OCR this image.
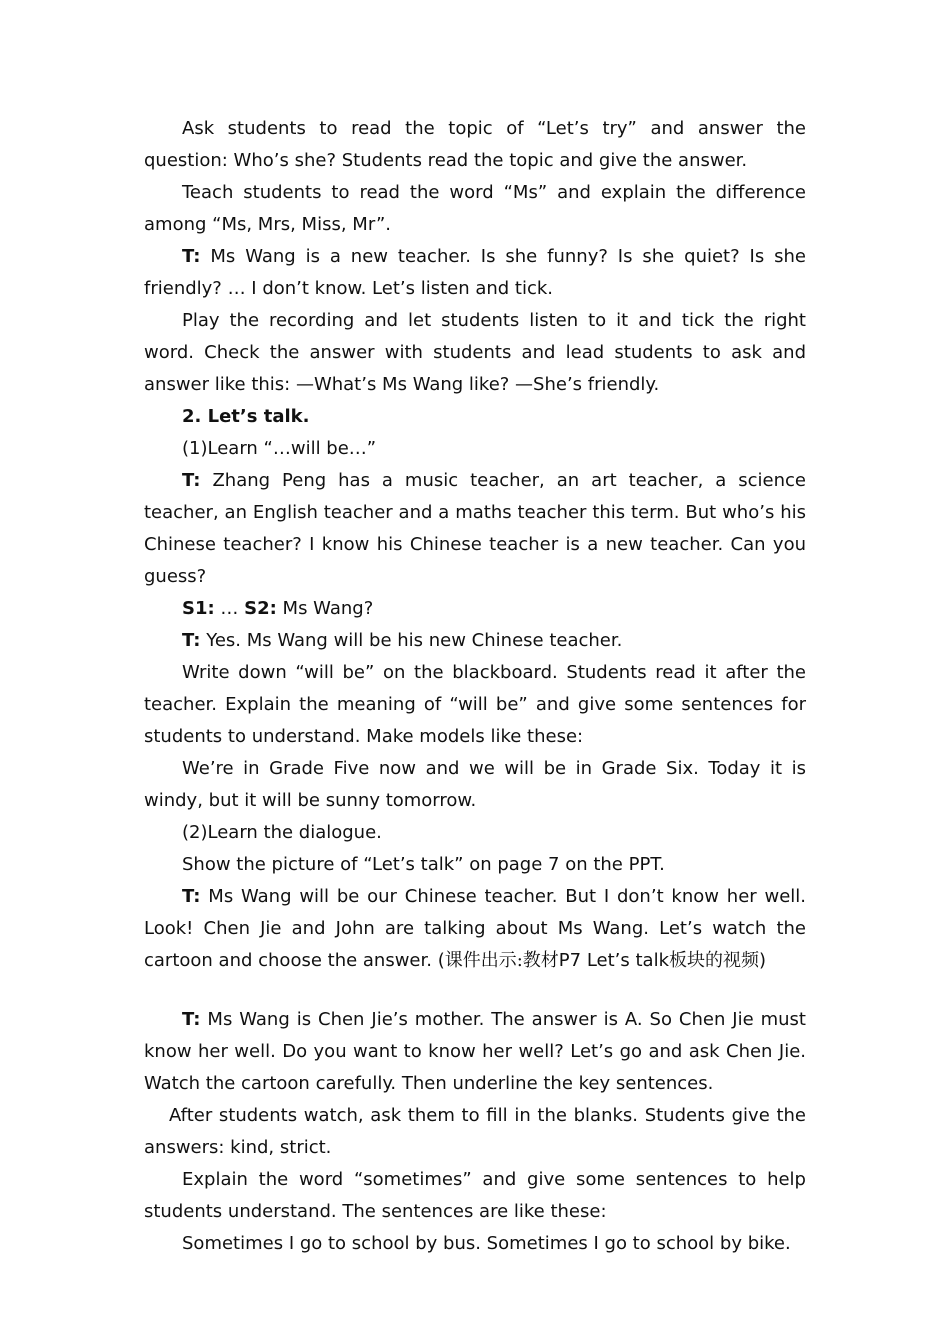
Ask students to read the topic of “Let’s try” and answer the question: Who’s she? Students read the topic and give the answer.

Teach students to read the word “Ms” and explain the difference among “Ms, Mrs, Miss, Mr”.

T: Ms Wang is a new teacher. Is she funny? Is she quiet? Is she friendly? … I don’t know. Let’s listen and tick.

Play the recording and let students listen to it and tick the right word. Check the answer with students and lead students to ask and answer like this: —What’s Ms Wang like? —She’s friendly.

2. Let’s talk.

(1)Learn “…will be…”

T: Zhang Peng has a music teacher, an art teacher, a science teacher, an English teacher and a maths teacher this term. But who’s his Chinese teacher? I know his Chinese teacher is a new teacher. Can you guess?

S1: … S2: Ms Wang?

T: Yes. Ms Wang will be his new Chinese teacher.

Write down “will be” on the blackboard. Students read it after the teacher. Explain the meaning of “will be” and give some sentences for students to understand. Make models like these:

We’re in Grade Five now and we will be in Grade Six. Today it is windy, but it will be sunny tomorrow.

(2)Learn the dialogue.

Show the picture of “Let’s talk” on page 7 on the PPT.

T: Ms Wang will be our Chinese teacher. But I don’t know her well. Look! Chen Jie and John are talking about Ms Wang. Let’s watch the cartoon and choose the answer. (课件出示:教材P7 Let’s talk板块的视频)

T: Ms Wang is Chen Jie’s mother. The answer is A. So Chen Jie must know her well. Do you want to know her well? Let’s go and ask Chen Jie. Watch the cartoon carefully. Then underline the key sentences.

After students watch, ask them to fill in the blanks. Students give the answers: kind, strict.

Explain the word “sometimes” and give some sentences to help students understand. The sentences are like these:

Sometimes I go to school by bus. Sometimes I go to school by bike.
